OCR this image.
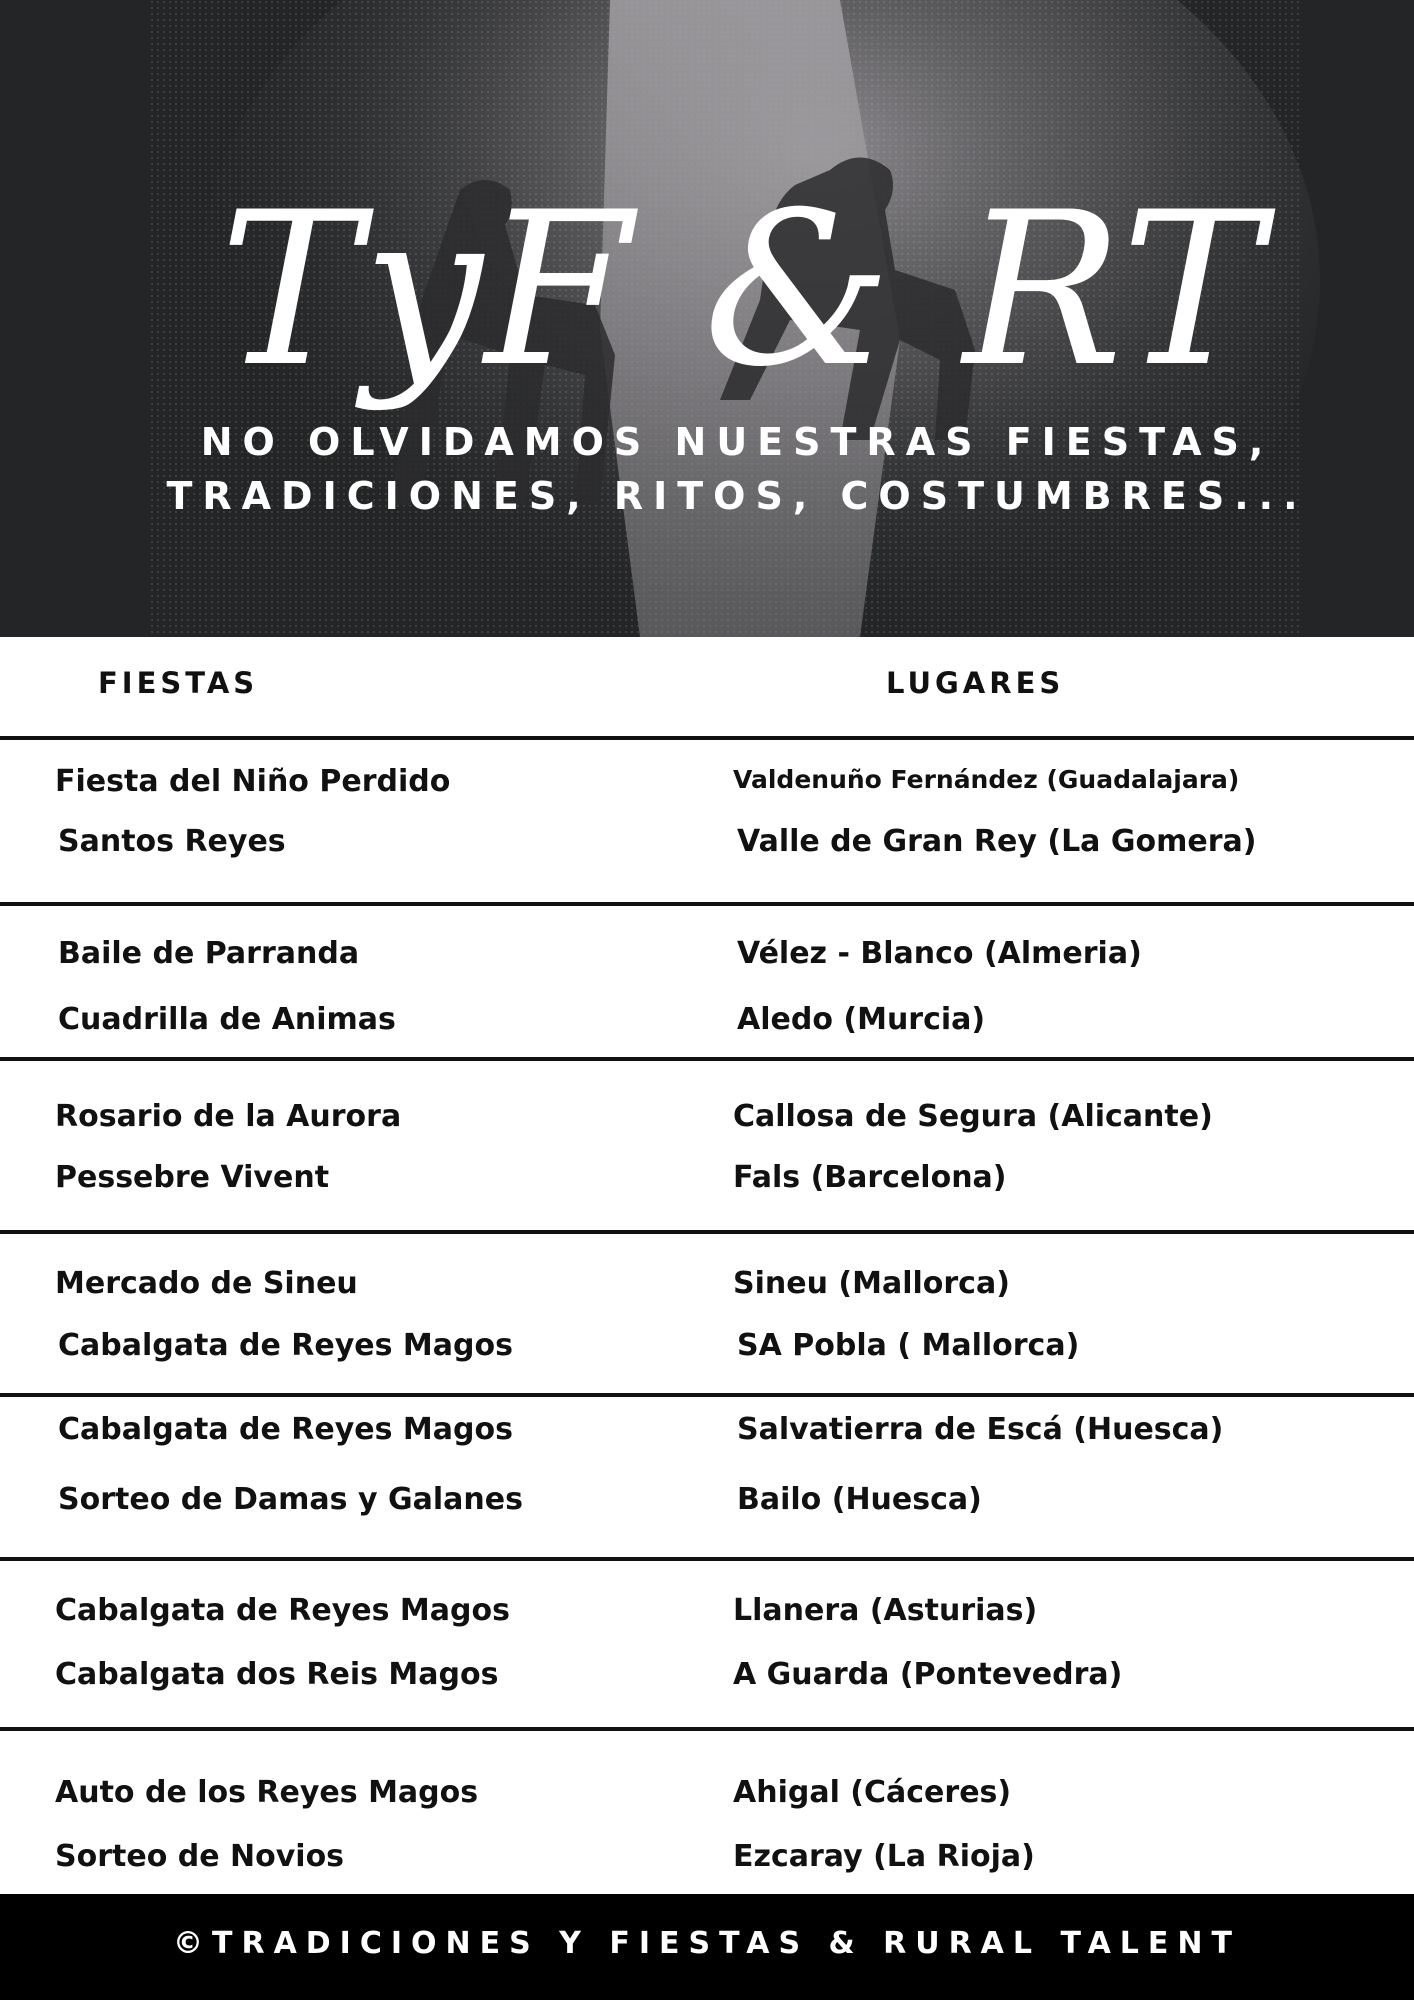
TyF & RT
NO OLVIDAMOS NUESTRAS FIESTAS,
TRADICIONES, RITOS, COSTUMBRES...
FIESTAS	LUGARES
Fiesta del Niño Perdido	Valdenuño Fernández (Guadalajara)
Santos Reyes	Valle de Gran Rey (La Gomera)
Baile de Parranda	Vélez - Blanco (Almeria)
Cuadrilla de Animas	Aledo (Murcia)
Rosario de la Aurora	Callosa de Segura (Alicante)
Pessebre Vivent	Fals (Barcelona)
Mercado de Sineu	Sineu (Mallorca)
Cabalgata de Reyes Magos	SA Pobla ( Mallorca)
Cabalgata de Reyes Magos	Salvatierra de Escá (Huesca)
Sorteo de Damas y Galanes	Bailo (Huesca)
Cabalgata de Reyes Magos	Llanera (Asturias)
Cabalgata dos Reis Magos	A Guarda (Pontevedra)
Auto de los Reyes Magos	Ahigal (Cáceres)
Sorteo de Novios	Ezcaray (La Rioja)
©TRADICIONES Y FIESTAS & RURAL TALENT
